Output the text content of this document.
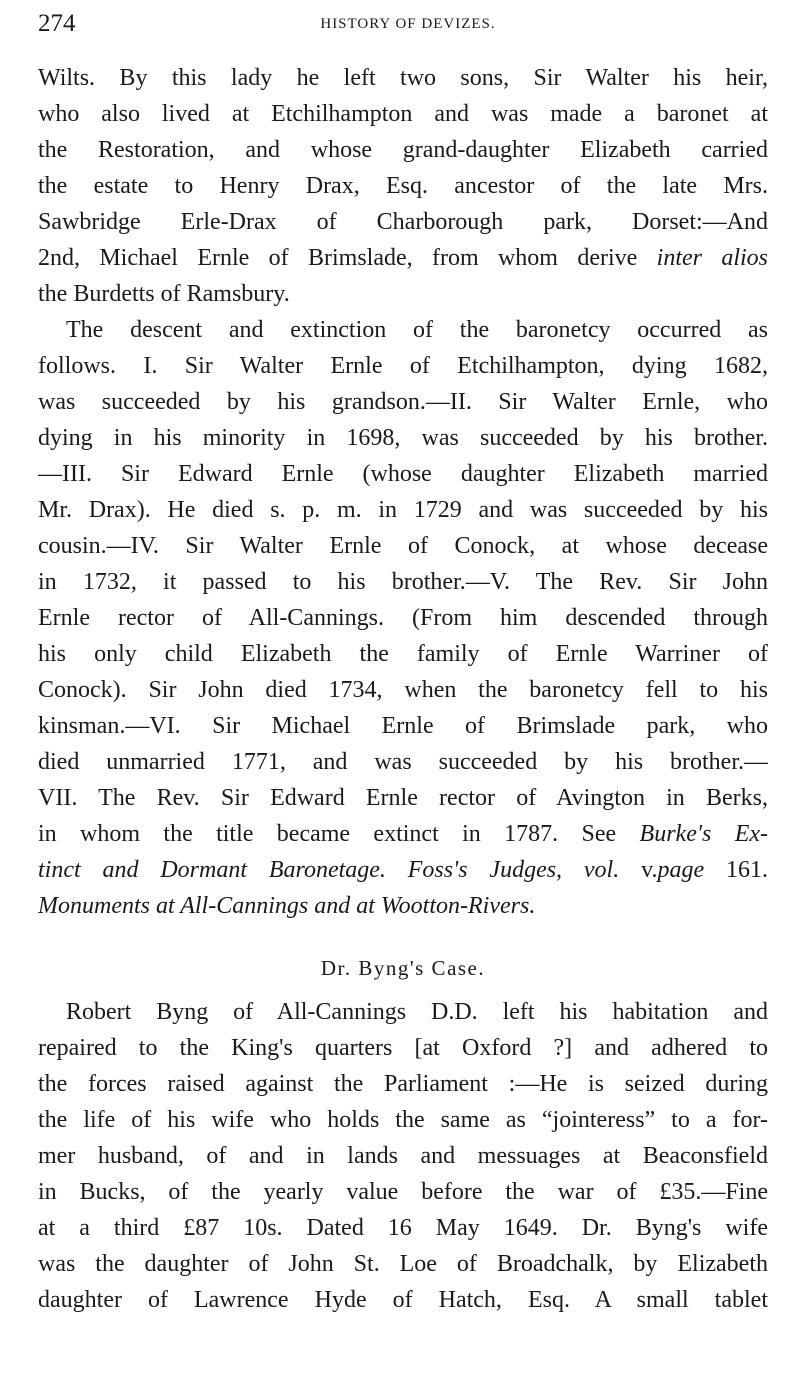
274	HISTORY OF DEVIZES.
Wilts. By this lady he left two sons, Sir Walter his heir,
who also lived at Etchilhampton and was made a baronet at
the Restoration, and whose grand-daughter Elizabeth carried
the estate to Henry Drax, Esq. ancestor of the late Mrs.
Sawbridge Erle-Drax of Charborough park, Dorset:—And
2nd, Michael Ernle of Brimslade, from whom derive inter alios
the Burdetts of Ramsbury.
The descent and extinction of the baronetcy occurred as
follows. I. Sir Walter Ernle of Etchilhampton, dying 1682,
was succeeded by his grandson.—II. Sir Walter Ernle, who
dying in his minority in 1698, was succeeded by his brother.
—III. Sir Edward Ernle (whose daughter Elizabeth married
Mr. Drax). He died s. p. m. in 1729 and was succeeded by his
cousin.—IV. Sir Walter Ernle of Conock, at whose decease
in 1732, it passed to his brother.—V. The Rev. Sir John
Ernle rector of All-Cannings. (From him descended through
his only child Elizabeth the family of Ernle Warriner of
Conock). Sir John died 1734, when the baronetcy fell to his
kinsman.—VI. Sir Michael Ernle of Brimslade park, who
died unmarried 1771, and was succeeded by his brother.—
VII. The Rev. Sir Edward Ernle rector of Avington in Berks,
in whom the title became extinct in 1787. See Burke's Ex-
tinct and Dormant Baronetage. Foss's Judges, vol. v.page 161.
Monuments at All-Cannings and at Wootton-Rivers.
Dr. Byng's Case.
Robert Byng of All-Cannings D.D. left his habitation and
repaired to the King's quarters [at Oxford ?] and adhered to
the forces raised against the Parliament :—He is seized during
the life of his wife who holds the same as “jointeress” to a for-
mer husband, of and in lands and messuages at Beaconsfield
in Bucks, of the yearly value before the war of £35.—Fine
at a third £87 10s. Dated 16 May 1649. Dr. Byng's wife
was the daughter of John St. Loe of Broadchalk, by Elizabeth
daughter of Lawrence Hyde of Hatch, Esq. A small tablet
